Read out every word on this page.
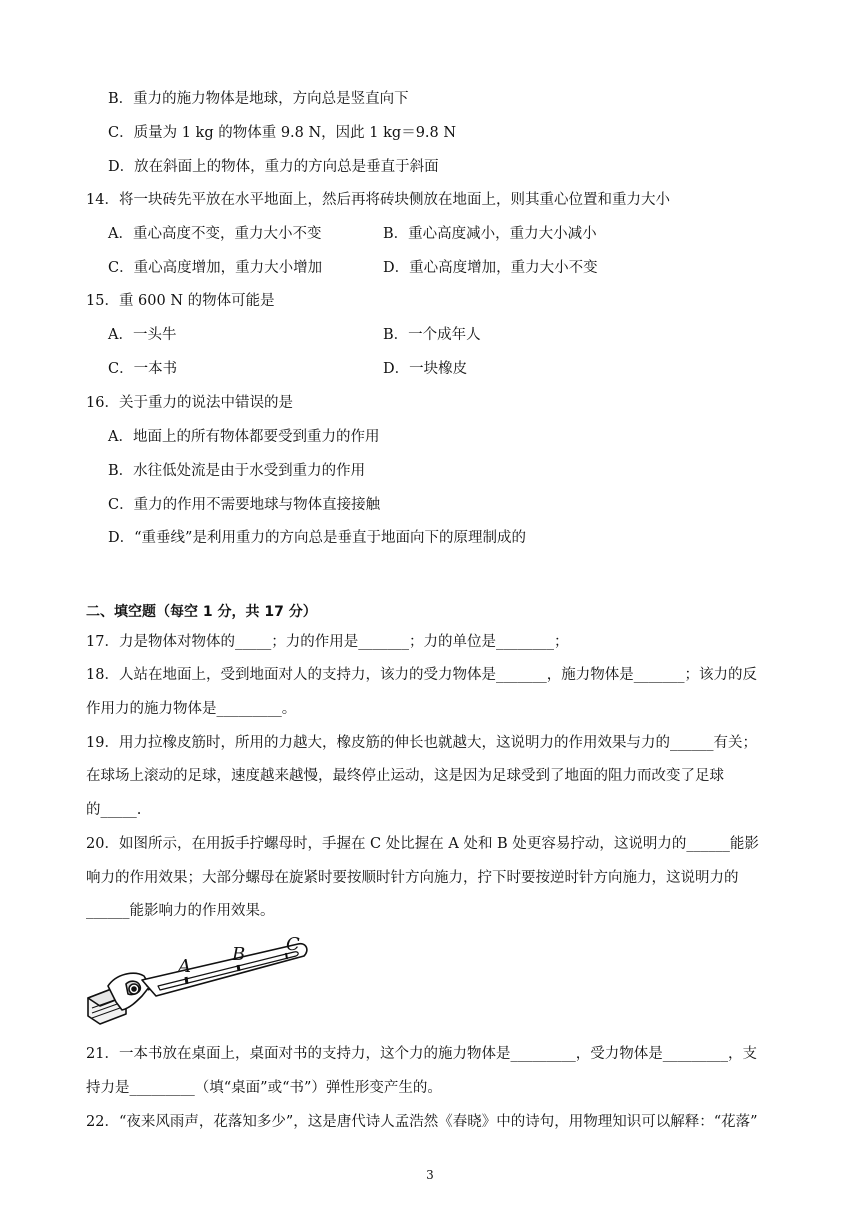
B．重力的施力物体是地球，方向总是竖直向下
C．质量为 1 kg 的物体重 9.8 N，因此 1 kg＝9.8 N
D．放在斜面上的物体，重力的方向总是垂直于斜面
14．将一块砖先平放在水平地面上，然后再将砖块侧放在地面上，则其重心位置和重力大小
A．重心高度不变，重力大小不变	B．重心高度减小，重力大小减小
C．重心高度增加，重力大小增加	D．重心高度增加，重力大小不变
15．重 600 N 的物体可能是
A．一头牛	B．一个成年人
C．一本书	D．一块橡皮
16．关于重力的说法中错误的是
A．地面上的所有物体都要受到重力的作用
B．水往低处流是由于水受到重力的作用
C．重力的作用不需要地球与物体直接接触
D．“重垂线”是利用重力的方向总是垂直于地面向下的原理制成的
二、填空题（每空 1 分，共 17 分）
17．力是物体对物体的_____；力的作用是_______；力的单位是________；
18．人站在地面上，受到地面对人的支持力，该力的受力物体是_______，施力物体是_______；该力的反
作用力的施力物体是_________。
19．用力拉橡皮筋时，所用的力越大，橡皮筋的伸长也就越大，这说明力的作用效果与力的______有关；
在球场上滚动的足球，速度越来越慢，最终停止运动，这是因为足球受到了地面的阻力而改变了足球
的_____.
20．如图所示，在用扳手拧螺母时，手握在 C 处比握在 A 处和 B 处更容易拧动，这说明力的______能影
响力的作用效果；大部分螺母在旋紧时要按顺时针方向施力，拧下时要按逆时针方向施力，这说明力的
______能影响力的作用效果。
A
B C
21．一本书放在桌面上，桌面对书的支持力，这个力的施力物体是_________，受力物体是_________，支
持力是_________（填“桌面”或“书”）弹性形变产生的。
22．“夜来风雨声，花落知多少”，这是唐代诗人孟浩然《春晓》中的诗句，用物理知识可以解释：“花落”
3
